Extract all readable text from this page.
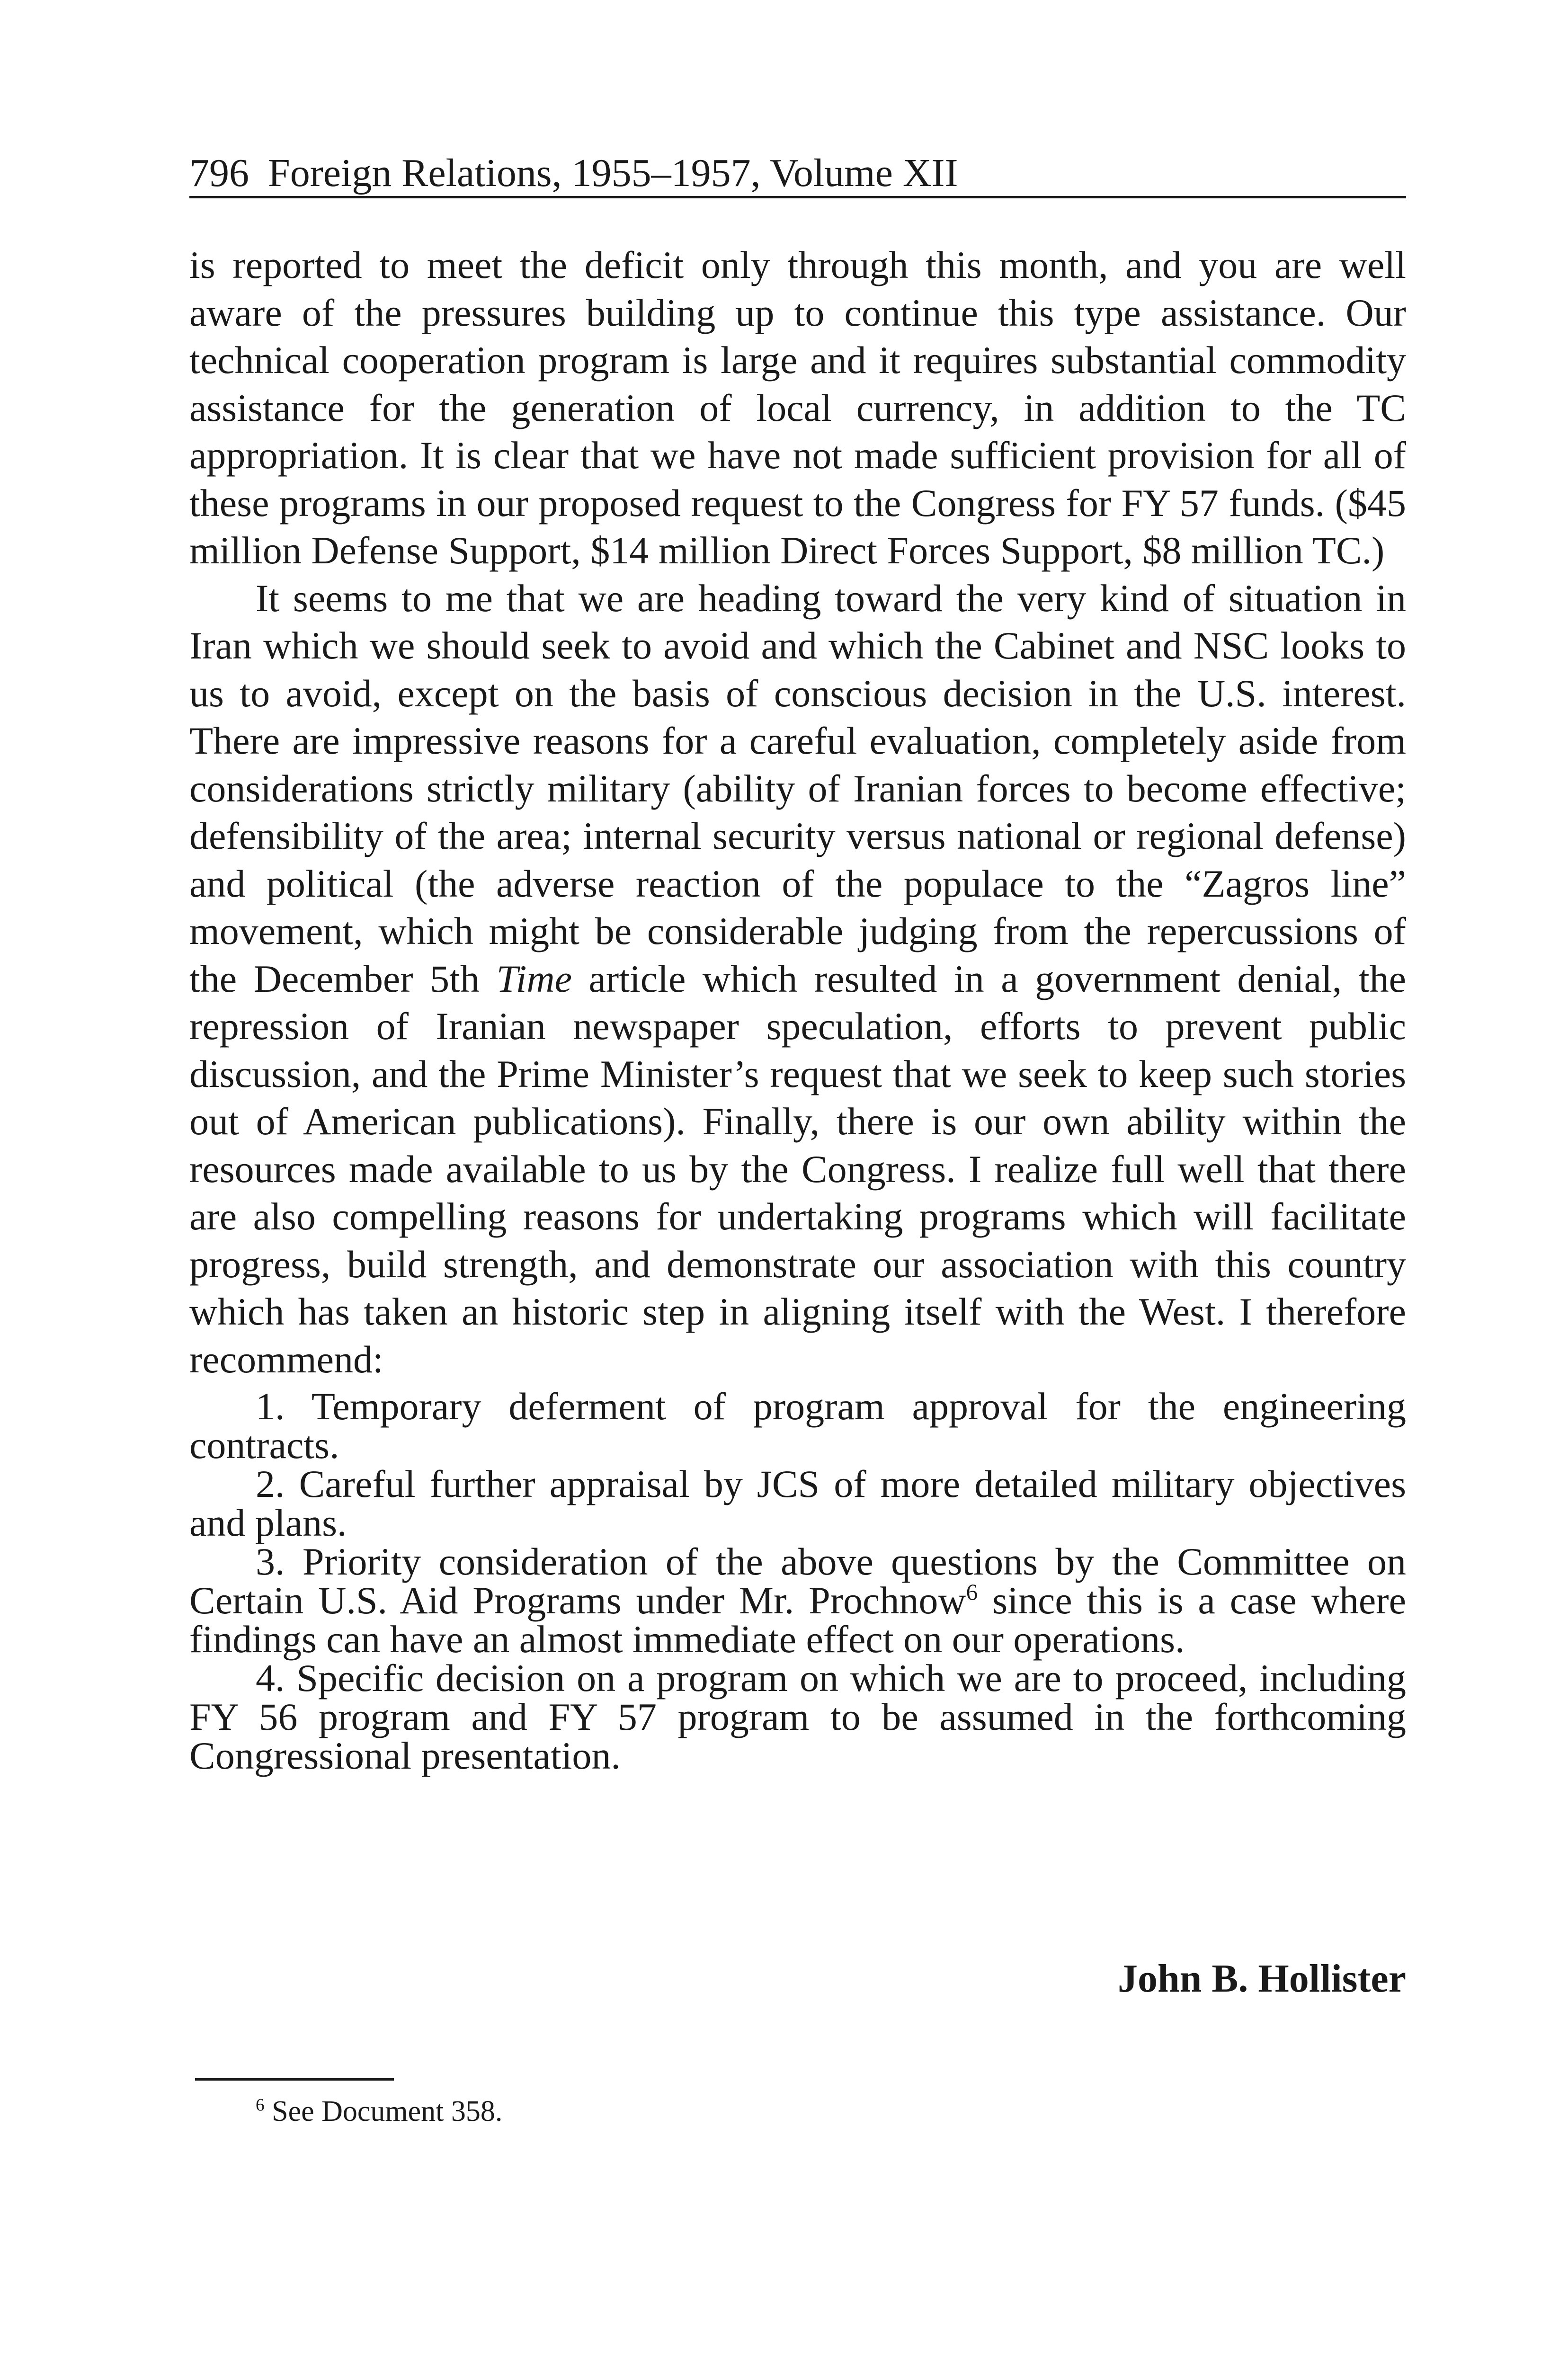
796 Foreign Relations, 1955–1957, Volume XII

is reported to meet the deficit only through this month, and you are well aware of the pressures building up to continue this type assistance. Our technical cooperation program is large and it requires substantial commodity assistance for the generation of local currency, in addition to the TC appropriation. It is clear that we have not made sufficient provision for all of these programs in our proposed request to the Congress for FY 57 funds. ($45 million Defense Support, $14 million Direct Forces Support, $8 million TC.)

It seems to me that we are heading toward the very kind of situation in Iran which we should seek to avoid and which the Cabinet and NSC looks to us to avoid, except on the basis of conscious decision in the U.S. interest. There are impressive reasons for a careful evaluation, completely aside from considerations strictly military (ability of Iranian forces to become effective; defensibility of the area; internal security versus national or regional defense) and political (the adverse reaction of the populace to the “Zagros line” movement, which might be considerable judging from the repercussions of the December 5th Time article which resulted in a government denial, the repression of Iranian newspaper speculation, efforts to prevent public discussion, and the Prime Minister’s request that we seek to keep such stories out of American publications). Finally, there is our own ability within the resources made available to us by the Congress. I realize full well that there are also compelling reasons for undertaking programs which will facilitate progress, build strength, and demonstrate our association with this country which has taken an historic step in aligning itself with the West. I therefore recommend:

1. Temporary deferment of program approval for the engineering contracts.
2. Careful further appraisal by JCS of more detailed military objectives and plans.
3. Priority consideration of the above questions by the Committee on Certain U.S. Aid Programs under Mr. Prochnow$^6$ since this is a case where findings can have an almost immediate effect on our operations.
4. Specific decision on a program on which we are to proceed, including FY 56 program and FY 57 program to be assumed in the forthcoming Congressional presentation.
John B. Hollister
$^6$ See Document 358.
